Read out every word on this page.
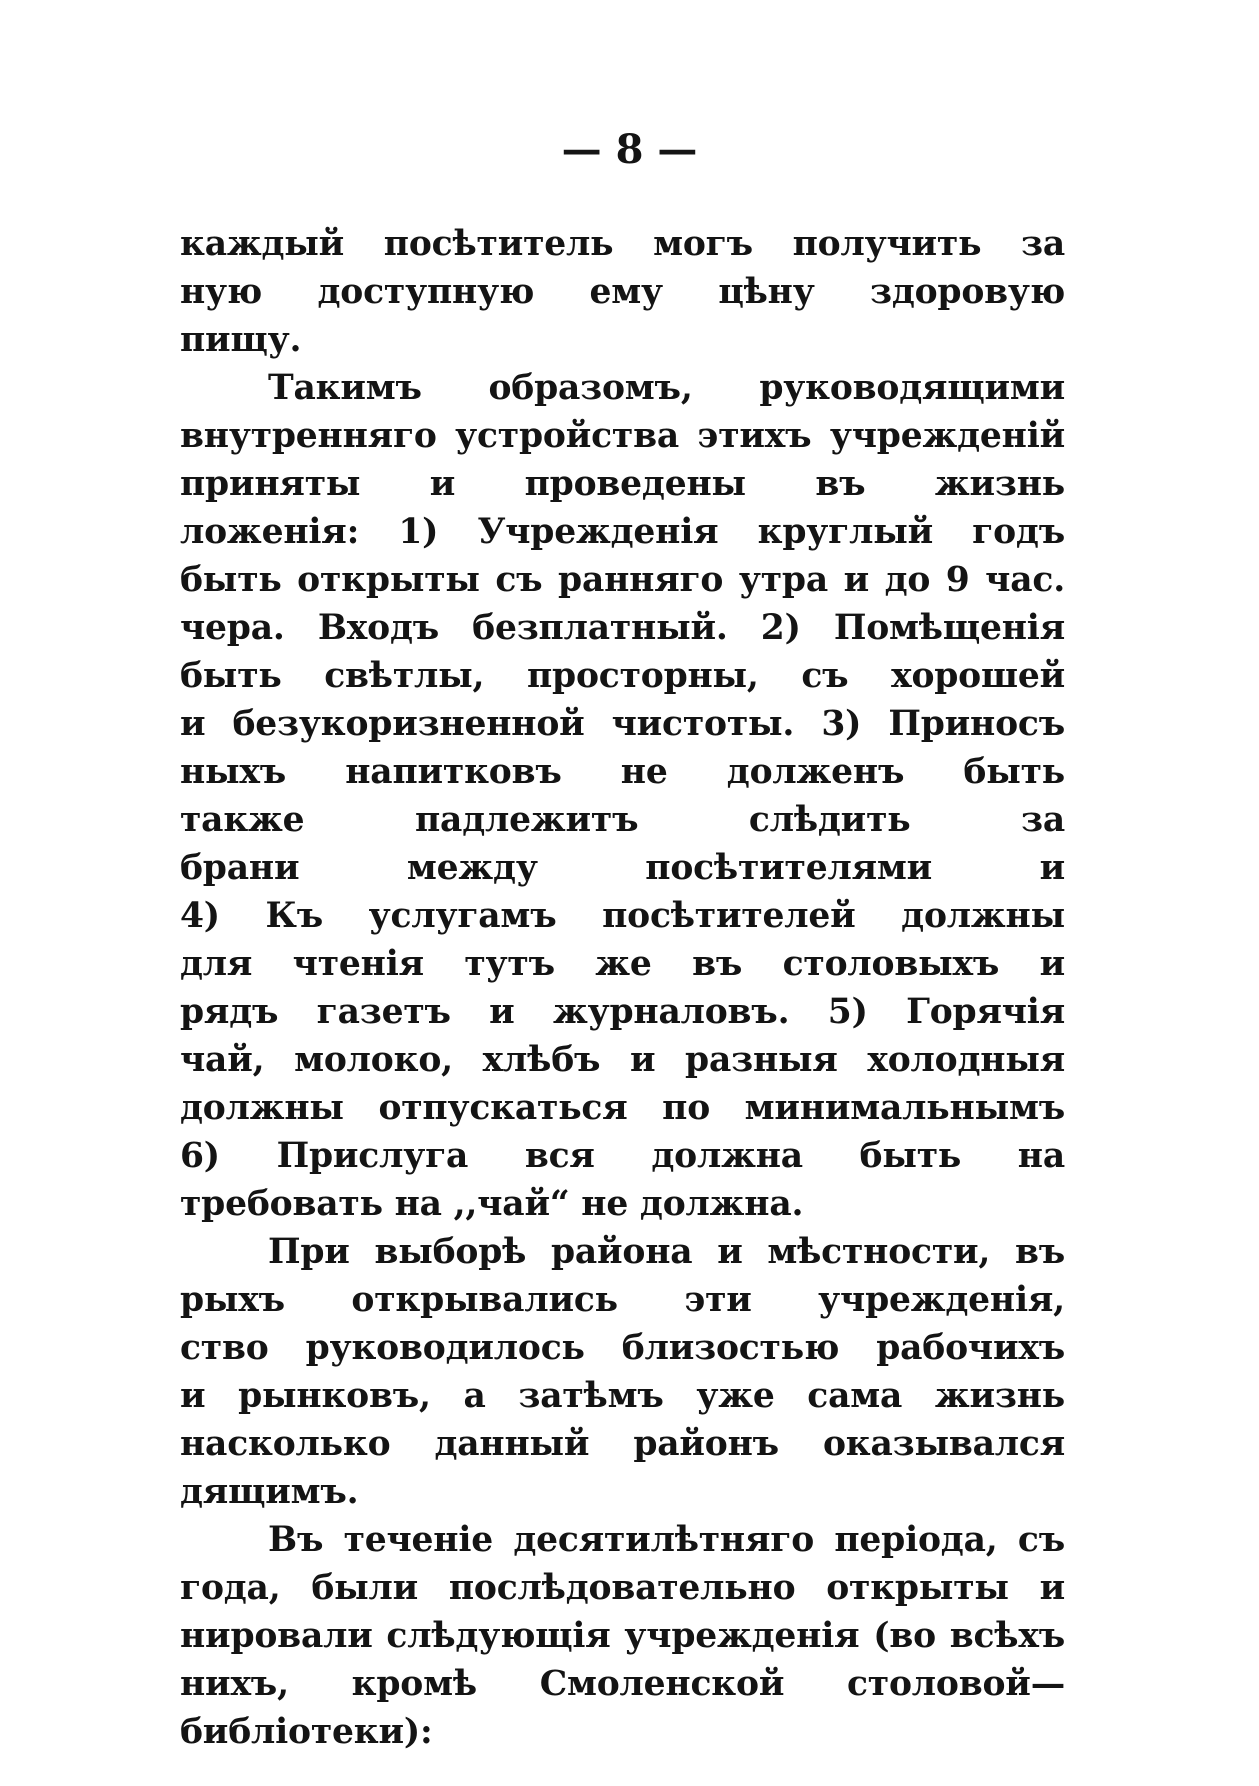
— 8 —
каждый посѣтитель могъ получить за
ную доступную ему цѣну здоровую
пищу.
Такимъ образомъ, руководящими
внутренняго устройства этихъ учрежденій
приняты и проведены въ жизнь
ложенія: 1) Учрежденія круглый годъ
быть открыты съ ранняго утра и до 9 час.
чера. Входъ безплатный. 2) Помѣщенія
быть свѣтлы, просторны, съ хорошей
и безукоризненной чистоты. 3) Приносъ
ныхъ напитковъ не долженъ быть
также падлежитъ слѣдить за
брани между посѣтителями и
4) Къ услугамъ посѣтителей должны
для чтенія тутъ же въ столовыхъ и
рядъ газетъ и журналовъ. 5) Горячія
чай, молоко, хлѣбъ и разныя холодныя
должны отпускаться по минимальнымъ
6) Прислуга вся должна быть на
требовать на ,,чай“ не должна.
При выборѣ района и мѣстности, въ
рыхъ открывались эти учрежденія,
ство руководилось близостью рабочихъ
и рынковъ, а затѣмъ уже сама жизнь
насколько данный районъ оказывался
дящимъ.
Въ теченіе десятилѣтняго періода, съ
года, были послѣдовательно открыты и
нировали слѣдующія учрежденія (во всѣхъ
нихъ, кромѣ Смоленской столовой—
библіотеки):
